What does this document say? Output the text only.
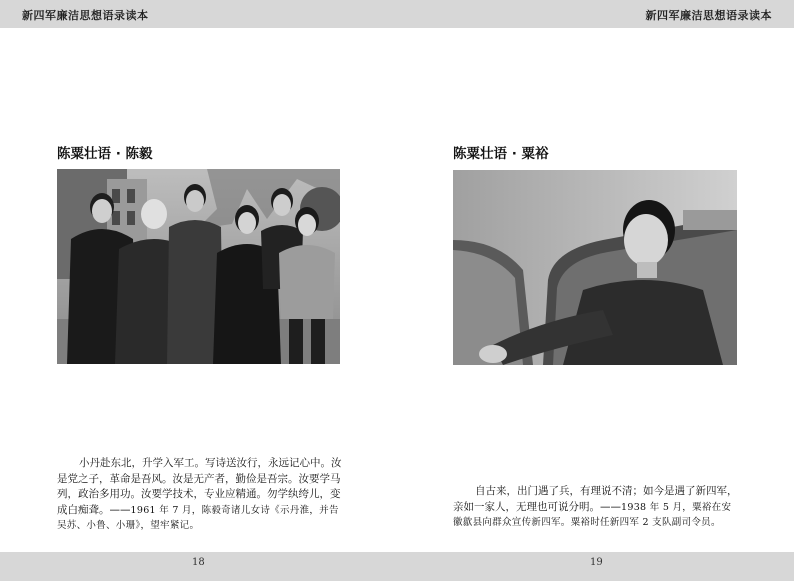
新四军廉洁思想语录读本	新四军廉洁思想语录读本
陈粟壮语 · 陈毅
小丹赴东北，升学入军工。写诗送汝行，永远记心中。汝是党之子，革命是吾风。汝是无产者，勤俭是吾宗。汝要学马列，政治多用功。汝要学技术，专业应精通。勿学纨绔儿，变成白痴聋。——1961 年 7 月，陈毅奇诸儿女诗《示丹淮，并告吴苏、小鲁、小珊》，望牢紧记。
陈粟壮语 · 粟裕
自古来，出门遇了兵，有理说不清；如今是遇了新四军，亲如一家人，无理也可说分明。——1938 年 5 月，粟裕在安徽歙县向群众宣传新四军。粟裕时任新四军 2 支队副司令员。
18	19
